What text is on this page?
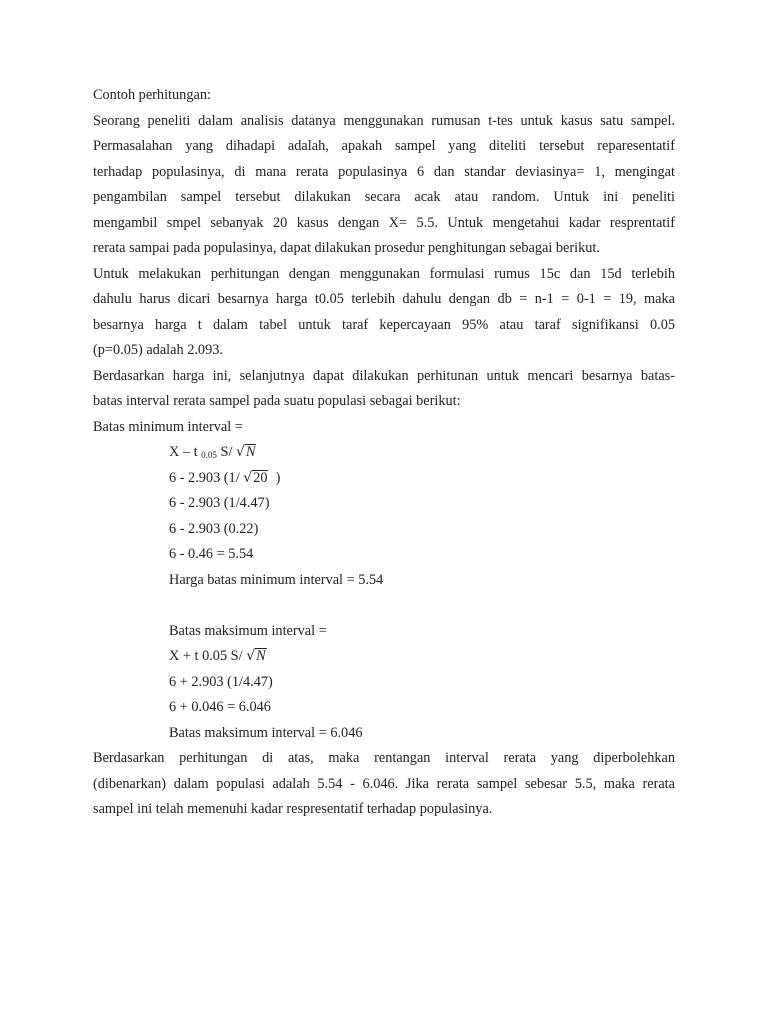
Contoh perhitungan:
Seorang peneliti dalam analisis datanya menggunakan rumusan t-tes untuk kasus satu sampel.
Permasalahan yang dihadapi adalah, apakah sampel yang diteliti tersebut reparesentatif
terhadap populasinya, di mana rerata populasinya 6 dan standar deviasinya= 1, mengingat
pengambilan sampel tersebut dilakukan secara acak atau random. Untuk ini peneliti
mengambil smpel sebanyak 20 kasus dengan X= 5.5. Untuk mengetahui kadar resprentatif
rerata sampai pada populasinya, dapat dilakukan prosedur penghitungan sebagai berikut.
Untuk melakukan perhitungan dengan menggunakan formulasi rumus 15c dan 15d terlebih
dahulu harus dicari besarnya harga t0.05 terlebih dahulu dengan db = n-1 = 0-1 = 19, maka
besarnya harga t dalam tabel untuk taraf kepercayaan 95% atau taraf signifikansi 0.05
(p=0.05) adalah 2.093.
Berdasarkan harga ini, selanjutnya dapat dilakukan perhitunan untuk mencari besarnya batas-
batas interval rerata sampel pada suatu populasi sebagai berikut:
Batas minimum interval =
X – t 0.05 S/ √N
6 - 2.903 (1/ √20  )
6 - 2.903 (1/4.47)
6 - 2.903 (0.22)
6 - 0.46 = 5.54
Harga batas minimum interval = 5.54
Batas maksimum interval =
X + t 0.05 S/ √N
6 + 2.903 (1/4.47)
6 + 0.046 = 6.046
Batas maksimum interval = 6.046
Berdasarkan perhitungan di atas, maka rentangan interval rerata yang diperbolehkan
(dibenarkan) dalam populasi adalah 5.54 - 6.046. Jika rerata sampel sebesar 5.5, maka rerata
sampel ini telah memenuhi kadar respresentatif terhadap populasinya.
